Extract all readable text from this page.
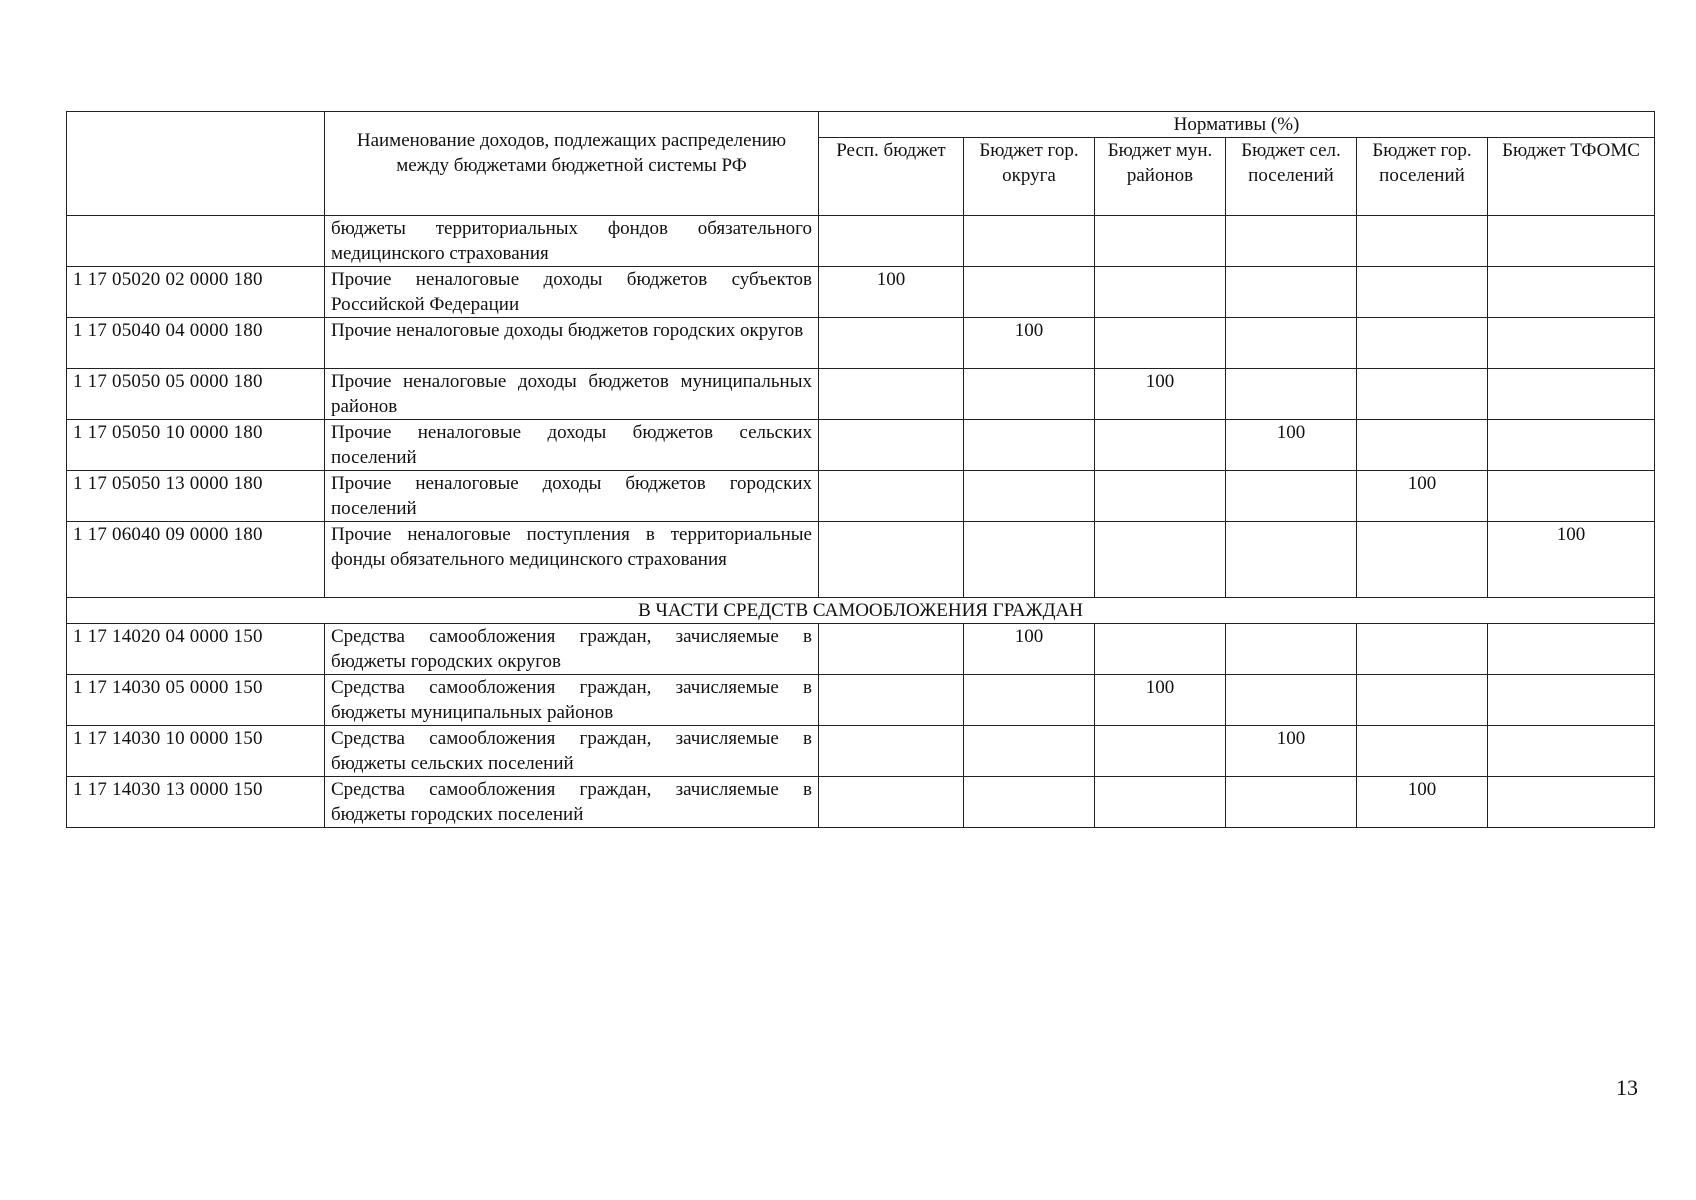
	Наименование доходов, подлежащих распределению между бюджетами бюджетной системы РФ	Нормативы (%)					
		Респ. бюджет	Бюджет гор. округа	Бюджет мун. районов	Бюджет сел. поселений	Бюджет гор. поселений	Бюджет ТФОМС
	бюджеты территориальных фондов обязательного медицинского страхования						
1 17 05020 02 0000 180	Прочие неналоговые доходы бюджетов субъектов Российской Федерации	100					
1 17 05040 04 0000 180	Прочие неналоговые доходы бюджетов городских округов		100				
1 17 05050 05 0000 180	Прочие неналоговые доходы бюджетов муниципальных районов			100			
1 17 05050 10 0000 180	Прочие неналоговые доходы бюджетов сельских поселений				100		
1 17 05050 13 0000 180	Прочие неналоговые доходы бюджетов городских поселений					100	
1 17 06040 09 0000 180	Прочие неналоговые поступления в территориальные фонды обязательного медицинского страхования						100
В ЧАСТИ СРЕДСТВ САМООБЛОЖЕНИЯ ГРАЖДАН							
1 17 14020 04 0000 150	Средства самообложения граждан, зачисляемые в бюджеты городских округов		100				
1 17 14030 05 0000 150	Средства самообложения граждан, зачисляемые в бюджеты муниципальных районов			100			
1 17 14030 10 0000 150	Средства самообложения граждан, зачисляемые в бюджеты сельских поселений				100		
1 17 14030 13 0000 150	Средства самообложения граждан, зачисляемые в бюджеты городских поселений					100	
13
